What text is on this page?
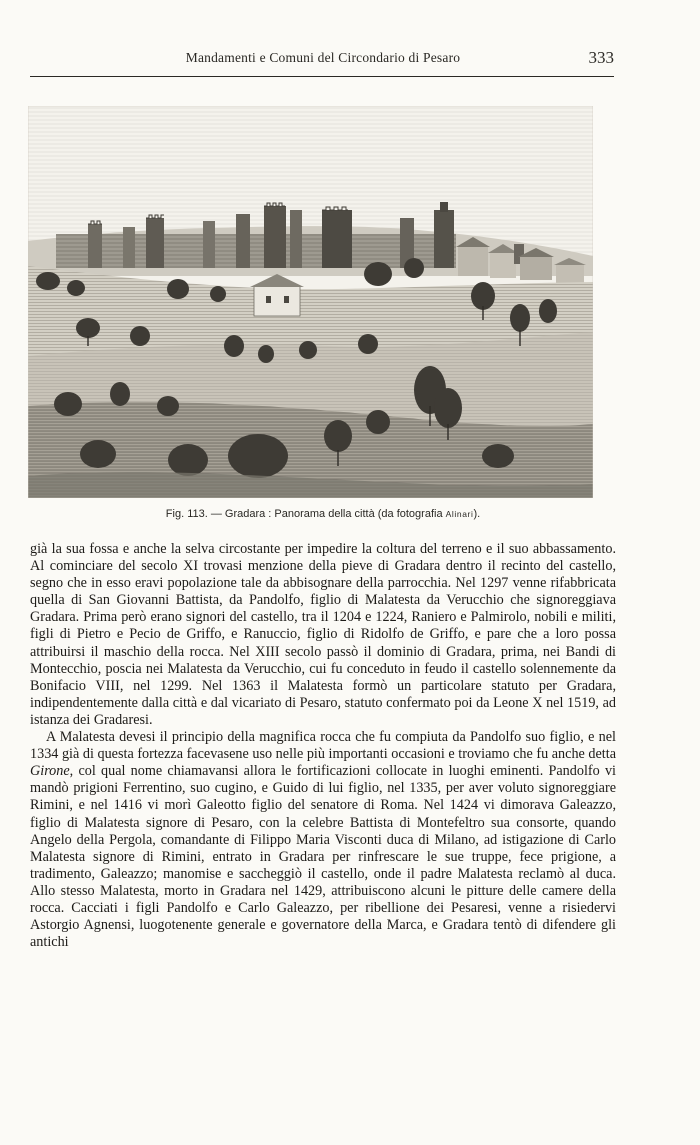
Mandamenti e Comuni del Circondario di Pesaro	333
Fig. 113. — Gradara : Panorama della città (da fotografia Alinari).

già la sua fossa e anche la selva circostante per impedire la coltura del terreno e il suo abbassamento. Al cominciare del secolo XI trovasi menzione della pieve di Gradara dentro il recinto del castello, segno che in esso eravi popolazione tale da abbisognare della parrocchia. Nel 1297 venne rifabbricata quella di San Giovanni Battista, da Pandolfo, figlio di Malatesta da Verucchio che signoreggiava Gradara. Prima però erano signori del castello, tra il 1204 e 1224, Raniero e Palmirolo, nobili e militi, figli di Pietro e Pecio de Griffo, e Ranuccio, figlio di Ridolfo de Griffo, e pare che a loro possa attribuirsi il maschio della rocca. Nel XIII secolo passò il dominio di Gradara, prima, nei Bandi di Montecchio, poscia nei Malatesta da Verucchio, cui fu conceduto in feudo il castello solennemente da Bonifacio VIII, nel 1299. Nel 1363 il Malatesta formò un particolare statuto per Gradara, indipendentemente dalla città e dal vicariato di Pesaro, statuto confermato poi da Leone X nel 1519, ad istanza dei Gradaresi.

A Malatesta devesi il principio della magnifica rocca che fu compiuta da Pandolfo suo figlio, e nel 1334 già di questa fortezza facevasene uso nelle più importanti occasioni e troviamo che fu anche detta Girone, col qual nome chiamavansi allora le fortificazioni collocate in luoghi eminenti. Pandolfo vi mandò prigioni Ferrentino, suo cugino, e Guido di lui figlio, nel 1335, per aver voluto signoreggiare Rimini, e nel 1416 vi morì Galeotto figlio del senatore di Roma. Nel 1424 vi dimorava Galeazzo, figlio di Malatesta signore di Pesaro, con la celebre Battista di Montefeltro sua consorte, quando Angelo della Pergola, comandante di Filippo Maria Visconti duca di Milano, ad istigazione di Carlo Malatesta signore di Rimini, entrato in Gradara per rinfrescare le sue truppe, fece prigione, a tradimento, Galeazzo; manomise e saccheggiò il castello, onde il padre Malatesta reclamò al duca. Allo stesso Malatesta, morto in Gradara nel 1429, attribuiscono alcuni le pitture delle camere della rocca. Cacciati i figli Pandolfo e Carlo Galeazzo, per ribellione dei Pesaresi, venne a risiedervi Astorgio Agnensi, luogotenente generale e governatore della Marca, e Gradara tentò di difendere gli antichi
